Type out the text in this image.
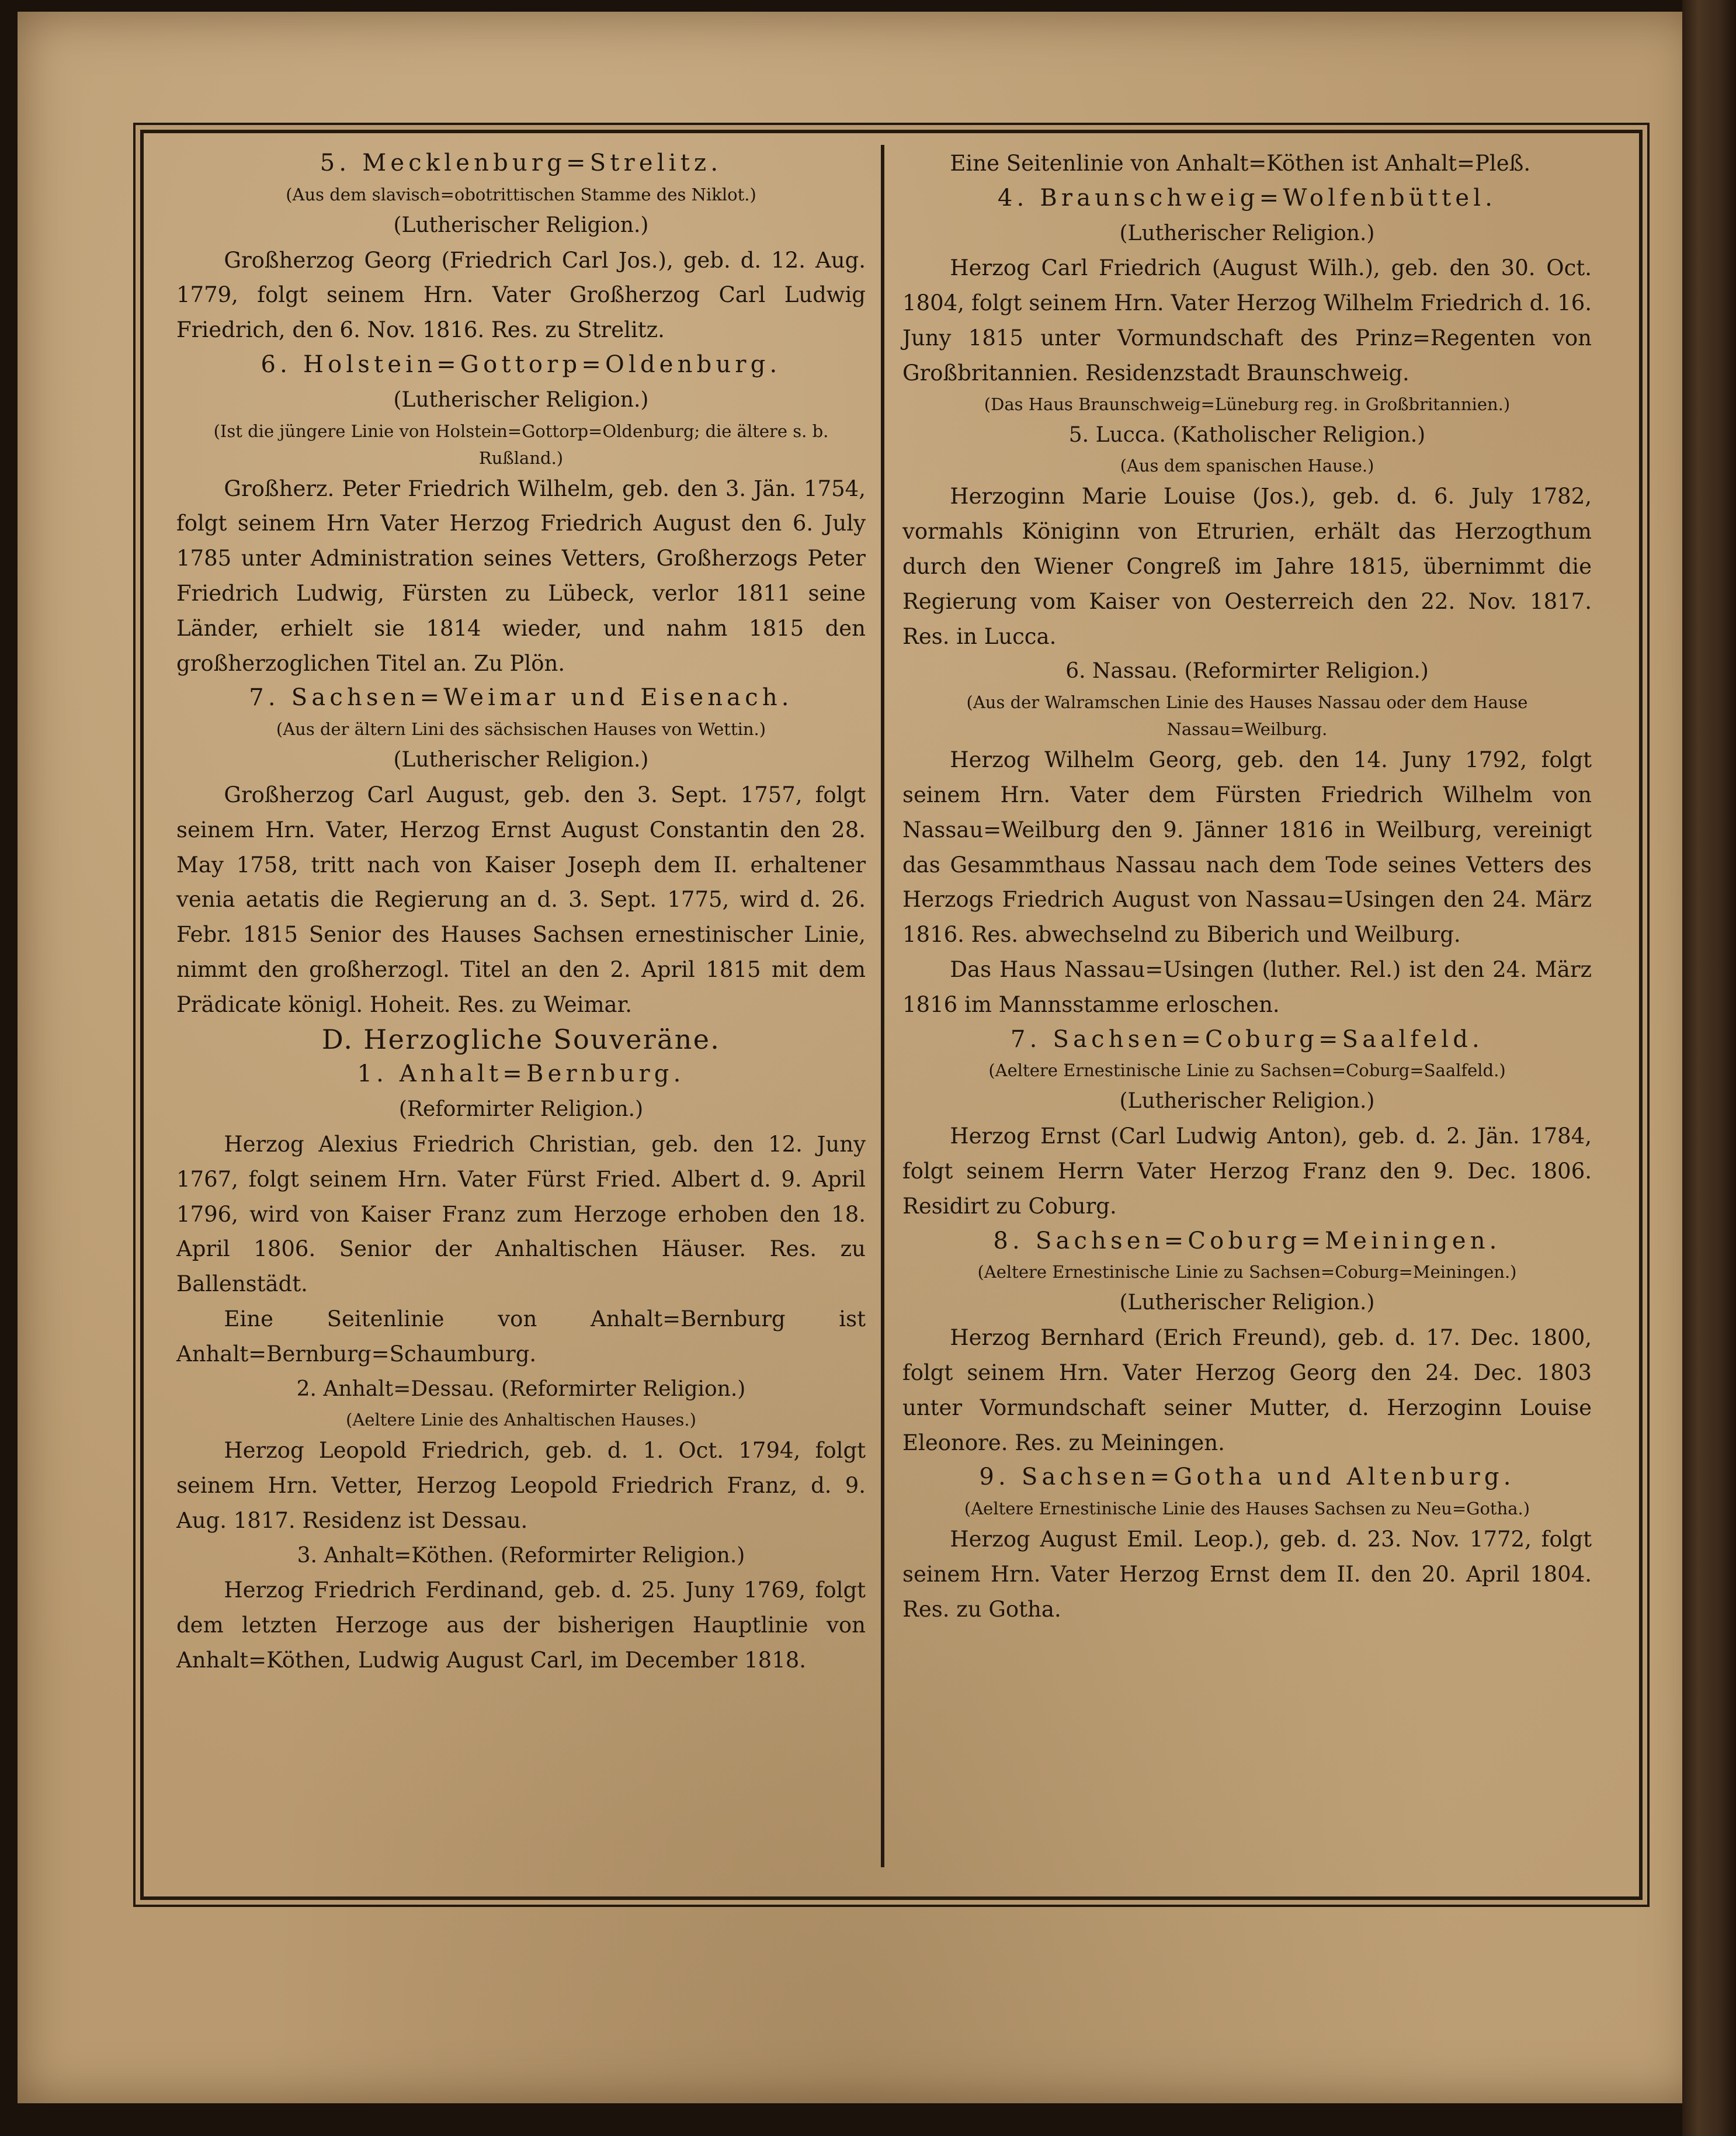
5. Mecklenburg=Strelitz.

(Aus dem slavisch=obotrittischen Stamme des Niklot.)

(Lutherischer Religion.)

Großherzog Georg (Friedrich Carl Jos.), geb. d. 12. Aug. 1779, folgt seinem Hrn. Vater Großherzog Carl Ludwig Friedrich, den 6. Nov. 1816. Res. zu Strelitz.

6. Holstein=Gottorp=Oldenburg.

(Lutherischer Religion.)

(Ist die jüngere Linie von Holstein=Gottorp=Oldenburg; die ältere s. b. Rußland.)

Großherz. Peter Friedrich Wilhelm, geb. den 3. Jän. 1754, folgt seinem Hrn Vater Herzog Friedrich August den 6. July 1785 unter Administration seines Vetters, Großherzogs Peter Friedrich Ludwig, Fürsten zu Lübeck, verlor 1811 seine Länder, erhielt sie 1814 wieder, und nahm 1815 den großherzoglichen Titel an. Zu Plön.

7. Sachsen=Weimar und Eisenach.

(Aus der ältern Lini des sächsischen Hauses von Wettin.)

(Lutherischer Religion.)

Großherzog Carl August, geb. den 3. Sept. 1757, folgt seinem Hrn. Vater, Herzog Ernst August Constantin den 28. May 1758, tritt nach von Kaiser Joseph dem II. erhaltener venia aetatis die Regierung an d. 3. Sept. 1775, wird d. 26. Febr. 1815 Senior des Hauses Sachsen ernestinischer Linie, nimmt den großherzogl. Titel an den 2. April 1815 mit dem Prädicate königl. Hoheit. Res. zu Weimar.

D. Herzogliche Souveräne.

1. Anhalt=Bernburg.

(Reformirter Religion.)

Herzog Alexius Friedrich Christian, geb. den 12. Juny 1767, folgt seinem Hrn. Vater Fürst Fried. Albert d. 9. April 1796, wird von Kaiser Franz zum Herzoge erhoben den 18. April 1806. Senior der Anhaltischen Häuser. Res. zu Ballenstädt.

Eine Seitenlinie von Anhalt=Bernburg ist Anhalt=Bernburg=Schaumburg.

2. Anhalt=Dessau. (Reformirter Religion.)

(Aeltere Linie des Anhaltischen Hauses.)

Herzog Leopold Friedrich, geb. d. 1. Oct. 1794, folgt seinem Hrn. Vetter, Herzog Leopold Friedrich Franz, d. 9. Aug. 1817. Residenz ist Dessau.

3. Anhalt=Köthen. (Reformirter Religion.)

Herzog Friedrich Ferdinand, geb. d. 25. Juny 1769, folgt dem letzten Herzoge aus der bisherigen Hauptlinie von Anhalt=Köthen, Ludwig August Carl, im December 1818.

Eine Seitenlinie von Anhalt=Köthen ist Anhalt=Pleß.

4. Braunschweig=Wolfenbüttel.

(Lutherischer Religion.)

Herzog Carl Friedrich (August Wilh.), geb. den 30. Oct. 1804, folgt seinem Hrn. Vater Herzog Wilhelm Friedrich d. 16. Juny 1815 unter Vormundschaft des Prinz=Regenten von Großbritannien. Residenzstadt Braunschweig.

(Das Haus Braunschweig=Lüneburg reg. in Großbritannien.)

5. Lucca. (Katholischer Religion.)

(Aus dem spanischen Hause.)

Herzoginn Marie Louise (Jos.), geb. d. 6. July 1782, vormahls Königinn von Etrurien, erhält das Herzogthum durch den Wiener Congreß im Jahre 1815, übernimmt die Regierung vom Kaiser von Oesterreich den 22. Nov. 1817. Res. in Lucca.

6. Nassau. (Reformirter Religion.)

(Aus der Walramschen Linie des Hauses Nassau oder dem Hause Nassau=Weilburg.

Herzog Wilhelm Georg, geb. den 14. Juny 1792, folgt seinem Hrn. Vater dem Fürsten Friedrich Wilhelm von Nassau=Weilburg den 9. Jänner 1816 in Weilburg, vereinigt das Gesammthaus Nassau nach dem Tode seines Vetters des Herzogs Friedrich August von Nassau=Usingen den 24. März 1816. Res. abwechselnd zu Biberich und Weilburg.

Das Haus Nassau=Usingen (luther. Rel.) ist den 24. März 1816 im Mannsstamme erloschen.

7. Sachsen=Coburg=Saalfeld.

(Aeltere Ernestinische Linie zu Sachsen=Coburg=Saalfeld.)

(Lutherischer Religion.)

Herzog Ernst (Carl Ludwig Anton), geb. d. 2. Jän. 1784, folgt seinem Herrn Vater Herzog Franz den 9. Dec. 1806. Residirt zu Coburg.

8. Sachsen=Coburg=Meiningen.

(Aeltere Ernestinische Linie zu Sachsen=Coburg=Meiningen.)

(Lutherischer Religion.)

Herzog Bernhard (Erich Freund), geb. d. 17. Dec. 1800, folgt seinem Hrn. Vater Herzog Georg den 24. Dec. 1803 unter Vormundschaft seiner Mutter, d. Herzoginn Louise Eleonore. Res. zu Meiningen.

9. Sachsen=Gotha und Altenburg.

(Aeltere Ernestinische Linie des Hauses Sachsen zu Neu=Gotha.)

Herzog August Emil. Leop.), geb. d. 23. Nov. 1772, folgt seinem Hrn. Vater Herzog Ernst dem II. den 20. April 1804. Res. zu Gotha.
